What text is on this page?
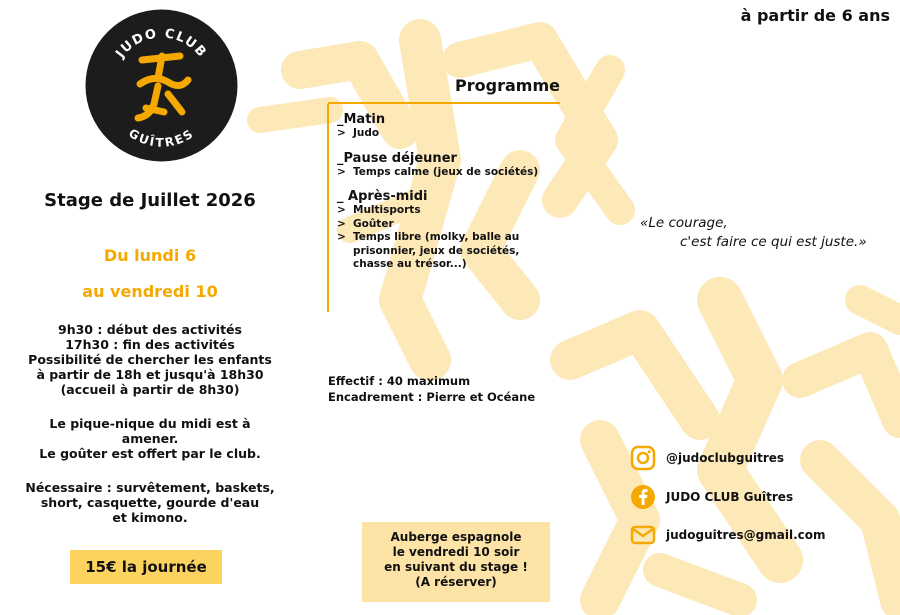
JUDO CLUB
GUÎTRES
à partir de 6 ans
Stage de Juillet 2026
Du lundi 6
au vendredi 10
9h30 : début des activités
17h30 : fin des activités
Possibilité de chercher les enfants
à partir de 18h et jusqu'à 18h30
(accueil à partir de 8h30)
Le pique-nique du midi est à
amener.
Le goûter est offert par le club.
Nécessaire : survêtement, baskets,
short, casquette, gourde d'eau
et kimono.
15€ la journée
Programme
_Matin
> Judo
_Pause déjeuner
> Temps calme (jeux de sociétés)
_ Après-midi
> Multisports
> Goûter
> Temps libre (molky, balle au prisonnier, jeux de sociétés, chasse au trésor...)
Effectif : 40 maximum
Encadrement : Pierre et Océane
Auberge espagnole
le vendredi 10 soir
en suivant du stage !
(A réserver)
«Le courage,
c'est faire ce qui est juste.»
@judoclubguitres
JUDO CLUB Guîtres
judoguitres@gmail.com
